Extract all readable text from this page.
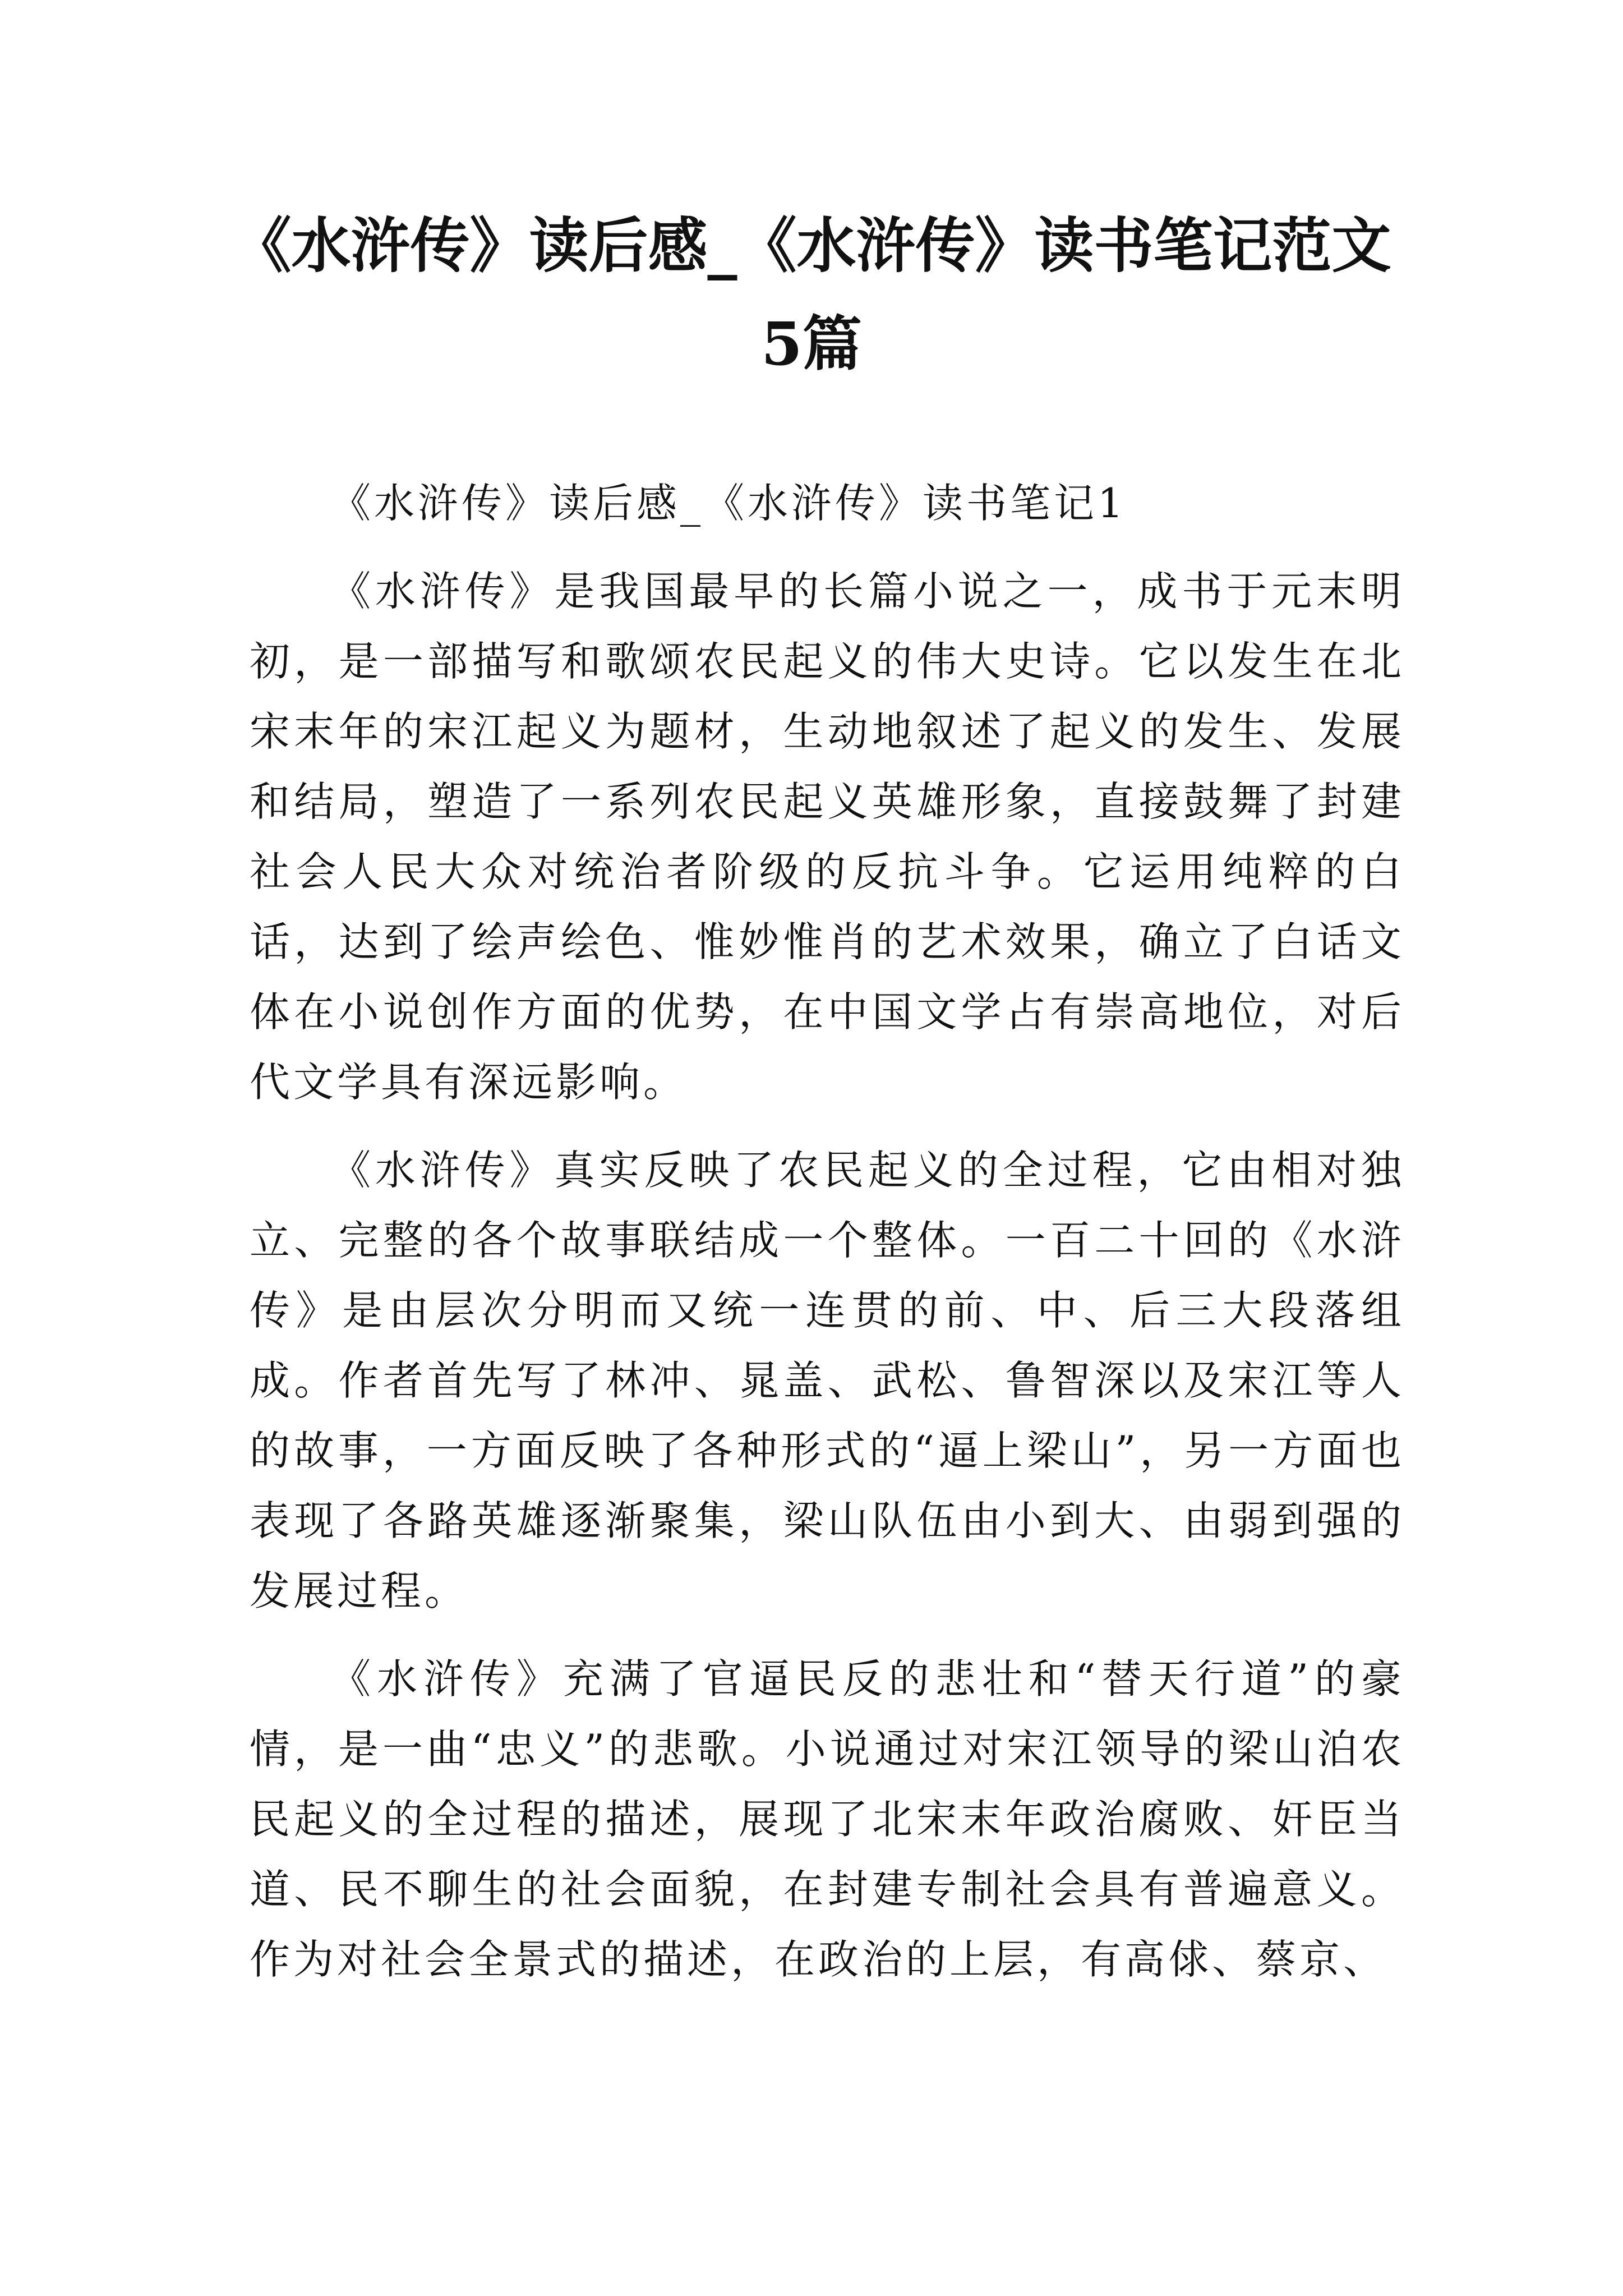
《水浒传》读后感_《水浒传》读书笔记范文5篇

《水浒传》读后感_《水浒传》读书笔记1

《水浒传》是我国最早的长篇小说之一，成书于元末明初，是一部描写和歌颂农民起义的伟大史诗。它以发生在北宋末年的宋江起义为题材，生动地叙述了起义的发生、发展和结局，塑造了一系列农民起义英雄形象，直接鼓舞了封建社会人民大众对统治者阶级的反抗斗争。它运用纯粹的白话，达到了绘声绘色、惟妙惟肖的艺术效果，确立了白话文体在小说创作方面的优势，在中国文学占有崇高地位，对后代文学具有深远影响。

《水浒传》真实反映了农民起义的全过程，它由相对独立、完整的各个故事联结成一个整体。一百二十回的《水浒传》是由层次分明而又统一连贯的前、中、后三大段落组成。作者首先写了林冲、晁盖、武松、鲁智深以及宋江等人的故事，一方面反映了各种形式的“逼上梁山”，另一方面也表现了各路英雄逐渐聚集，梁山队伍由小到大、由弱到强的发展过程。

《水浒传》充满了官逼民反的悲壮和“替天行道”的豪情，是一曲“忠义”的悲歌。小说通过对宋江领导的梁山泊农民起义的全过程的描述，展现了北宋末年政治腐败、奸臣当道、民不聊生的社会面貌，在封建专制社会具有普遍意义。作为对社会全景式的描述，在政治的上层，有高俅、蔡京、
